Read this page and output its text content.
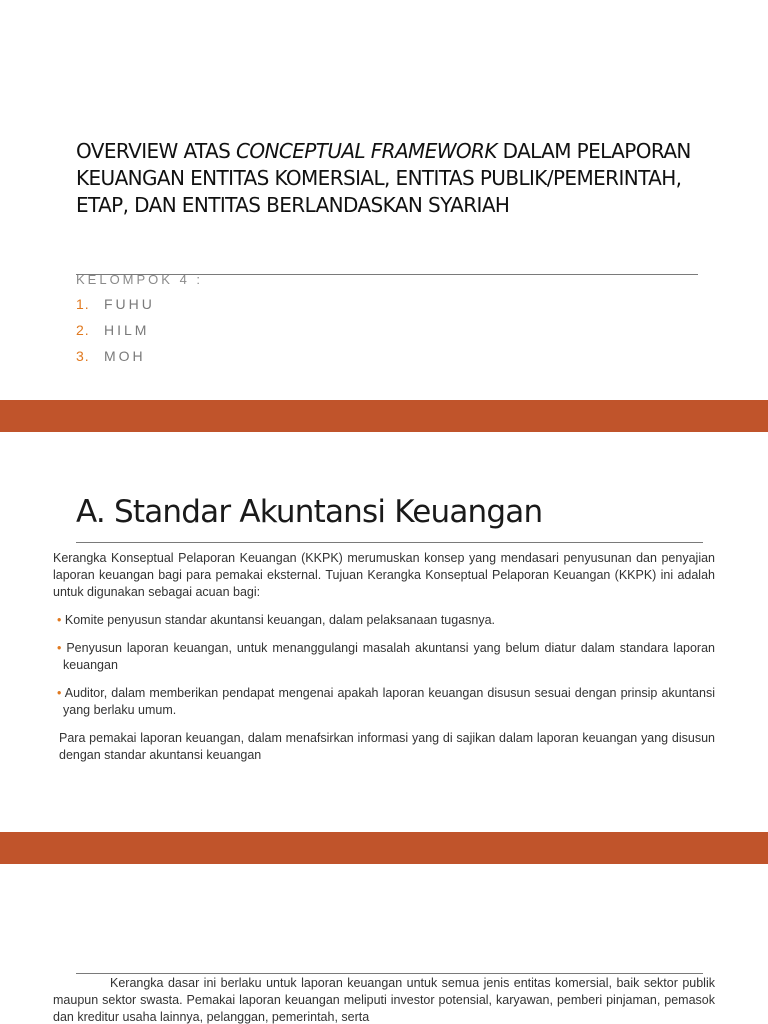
OVERVIEW ATAS CONCEPTUAL FRAMEWORK DALAM PELAPORAN KEUANGAN ENTITAS KOMERSIAL, ENTITAS PUBLIK/PEMERINTAH, ETAP, DAN ENTITAS BERLANDASKAN SYARIAH
KELOMPOK 4 :
1. FUHU
2. HILM
3. MOH
A. Standar Akuntansi Keuangan

Kerangka Konseptual Pelaporan Keuangan (KKPK) merumuskan konsep yang mendasari penyusunan dan penyajian laporan keuangan bagi para pemakai eksternal. Tujuan Kerangka Konseptual Pelaporan Keuangan (KKPK) ini adalah untuk digunakan sebagai acuan bagi:

• Komite penyusun standar akuntansi keuangan, dalam pelaksanaan tugasnya.

• Penyusun laporan keuangan, untuk menanggulangi masalah akuntansi yang belum diatur dalam standara laporan keuangan

• Auditor, dalam memberikan pendapat mengenai apakah laporan keuangan disusun sesuai dengan prinsip akuntansi yang berlaku umum.

Para pemakai laporan keuangan, dalam menafsirkan informasi yang di sajikan dalam laporan keuangan yang disusun dengan standar akuntansi keuangan

Kerangka dasar ini berlaku untuk laporan keuangan untuk semua jenis entitas komersial, baik sektor publik maupun sektor swasta. Pemakai laporan keuangan meliputi investor potensial, karyawan, pemberi pinjaman, pemasok dan kreditur usaha lainnya, pelanggan, pemerintah, serta
